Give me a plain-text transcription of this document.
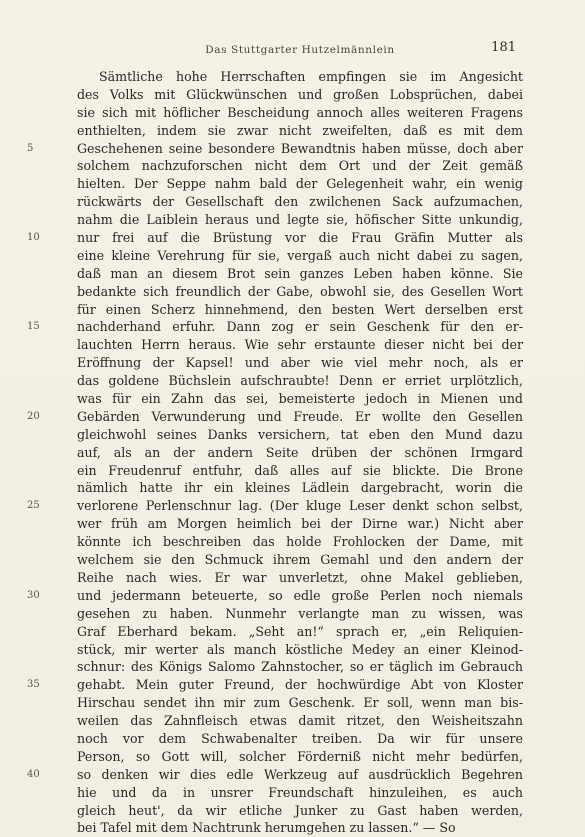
Das Stuttgarter Hutzelmännlein	181
Sämtliche hohe Herrschaften empfingen sie im Angesicht
des Volks mit Glückwünschen und großen Lobsprüchen, dabei
sie sich mit höflicher Bescheidung annoch alles weiteren Fragens
enthielten, indem sie zwar nicht zweifelten, daß es mit dem
5	Geschehenen seine besondere Bewandtnis haben müsse, doch aber
solchem nachzuforschen nicht dem Ort und der Zeit gemäß
hielten. Der Seppe nahm bald der Gelegenheit wahr, ein wenig
rückwärts der Gesellschaft den zwilchenen Sack aufzumachen,
nahm die Laiblein heraus und legte sie, höfischer Sitte unkundig,
10	nur frei auf die Brüstung vor die Frau Gräfin Mutter als
eine kleine Verehrung für sie, vergaß auch nicht dabei zu sagen,
daß man an diesem Brot sein ganzes Leben haben könne. Sie
bedankte sich freundlich der Gabe, obwohl sie, des Gesellen Wort
für einen Scherz hinnehmend, den besten Wert derselben erst
15	nachderhand erfuhr. Dann zog er sein Geschenk für den er-
lauchten Herrn heraus. Wie sehr erstaunte dieser nicht bei der
Eröffnung der Kapsel! und aber wie viel mehr noch, als er
das goldene Büchslein aufschraubte! Denn er erriet urplötzlich,
was für ein Zahn das sei, bemeisterte jedoch in Mienen und
20	Gebärden Verwunderung und Freude. Er wollte den Gesellen
gleichwohl seines Danks versichern, tat eben den Mund dazu
auf, als an der andern Seite drüben der schönen Irmgard
ein Freudenruf entfuhr, daß alles auf sie blickte. Die Brone
nämlich hatte ihr ein kleines Lädlein dargebracht, worin die
25	verlorene Perlenschnur lag. (Der kluge Leser denkt schon selbst,
wer früh am Morgen heimlich bei der Dirne war.) Nicht aber
könnte ich beschreiben das holde Frohlocken der Dame, mit
welchem sie den Schmuck ihrem Gemahl und den andern der
Reihe nach wies. Er war unverletzt, ohne Makel geblieben,
30	und jedermann beteuerte, so edle große Perlen noch niemals
gesehen zu haben. Nunmehr verlangte man zu wissen, was
Graf Eberhard bekam. „Seht an!“ sprach er, „ein Reliquien-
stück, mir werter als manch köstliche Medey an einer Kleinod-
schnur: des Königs Salomo Zahnstocher, so er täglich im Gebrauch
35	gehabt. Mein guter Freund, der hochwürdige Abt von Kloster
Hirschau sendet ihn mir zum Geschenk. Er soll, wenn man bis-
weilen das Zahnfleisch etwas damit ritzet, den Weisheitszahn
noch vor dem Schwabenalter treiben. Da wir für unsere
Person, so Gott will, solcher Förderniß nicht mehr bedürfen,
40	so denken wir dies edle Werkzeug auf ausdrücklich Begehren
hie und da in unsrer Freundschaft hinzuleihen, es auch
gleich heut', da wir etliche Junker zu Gast haben werden,
bei Tafel mit dem Nachtrunk herumgehen zu lassen.“ — So
